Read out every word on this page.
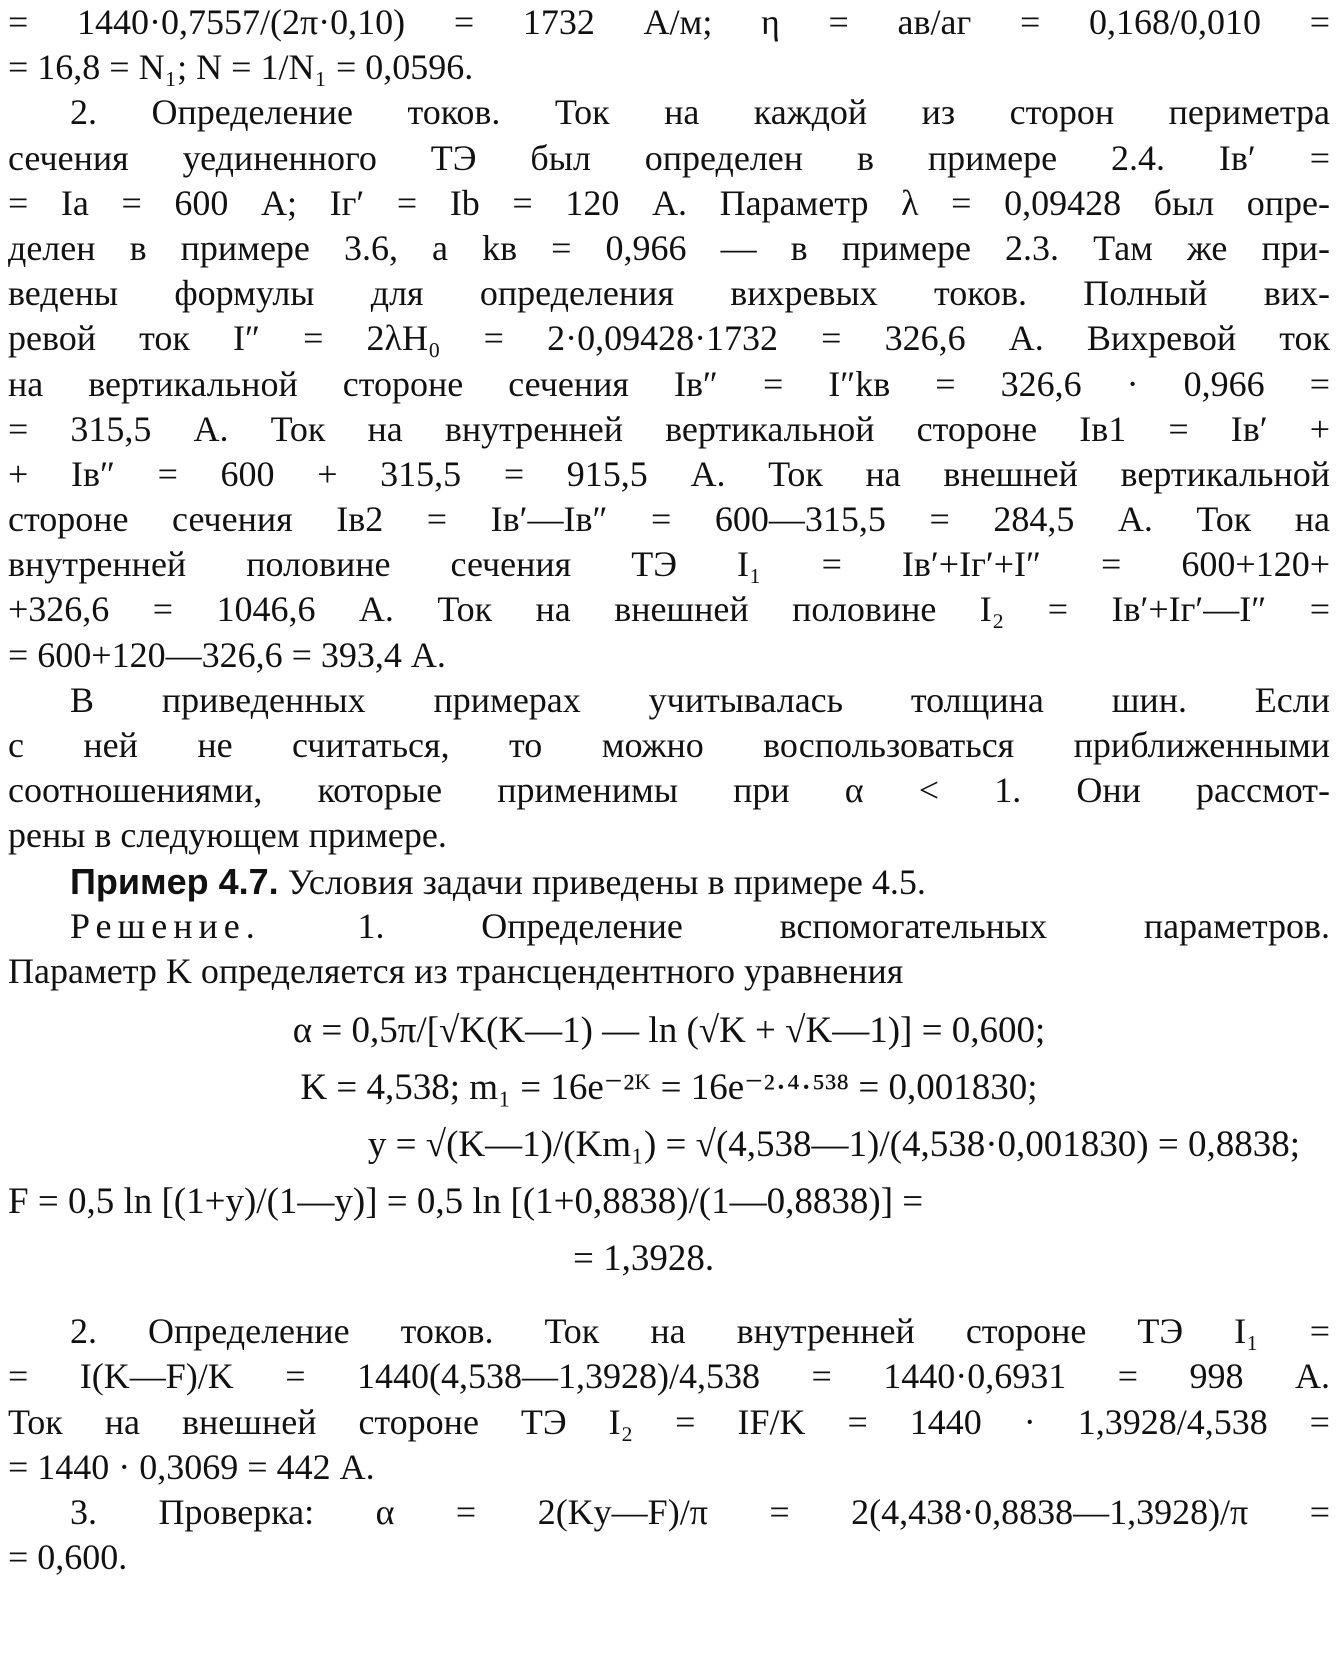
= 1440·0,7557/(2π·0,10) = 1732 А/м; η = aв/aг = 0,168/0,010 =
= 16,8 = N₁; N = 1/N₁ = 0,0596.
2. Определение токов. Ток на каждой из сторон периметра
сечения уединенного ТЭ был определен в примере 2.4. Iв′ =
= Ia = 600 А; Iг′ = Ib = 120 А. Параметр λ = 0,09428 был опре-
делен в примере 3.6, а kв = 0,966 — в примере 2.3. Там же при-
ведены формулы для определения вихревых токов. Полный вих-
ревой ток I″ = 2λH₀ = 2·0,09428·1732 = 326,6 А. Вихревой ток
на вертикальной стороне сечения Iв″ = I″kв = 326,6 · 0,966 =
= 315,5 А. Ток на внутренней вертикальной стороне Iв1 = Iв′ +
+ Iв″ = 600 + 315,5 = 915,5 А. Ток на внешней вертикальной
стороне сечения Iв2 = Iв′—Iв″ = 600—315,5 = 284,5 А. Ток на
внутренней половине сечения ТЭ I₁ = Iв′+Iг′+I″ = 600+120+
+326,6 = 1046,6 А. Ток на внешней половине I₂ = Iв′+Iг′—I″ =
= 600+120—326,6 = 393,4 А.
В приведенных примерах учитывалась толщина шин. Если
с ней не считаться, то можно воспользоваться приближенными
соотношениями, которые применимы при α < 1. Они рассмот-
рены в следующем примере.
Пример 4.7. Условия задачи приведены в примере 4.5.
Решение.	1. Определение вспомогательных параметров.
Параметр K определяется из трансцендентного уравнения
α = 0,5π/[√K(K—1) — ln (√K + √K—1)] = 0,600;
K = 4,538; m₁ = 16e⁻²ᴷ = 16e⁻²·⁴·⁵³⁸ = 0,001830;
y = √(K—1)/(Km₁) = √(4,538—1)/(4,538·0,001830) = 0,8838;
F = 0,5 ln [(1+y)/(1—y)] = 0,5 ln [(1+0,8838)/(1—0,8838)] =
= 1,3928.
2. Определение токов. Ток на внутренней стороне ТЭ I₁ =
= I(K—F)/K = 1440(4,538—1,3928)/4,538 = 1440·0,6931 = 998 А.
Ток на внешней стороне ТЭ I₂ = IF/K = 1440 · 1,3928/4,538 =
= 1440 · 0,3069 = 442 А.
3. Проверка: α = 2(Ky—F)/π = 2(4,438·0,8838—1,3928)/π =
= 0,600.
